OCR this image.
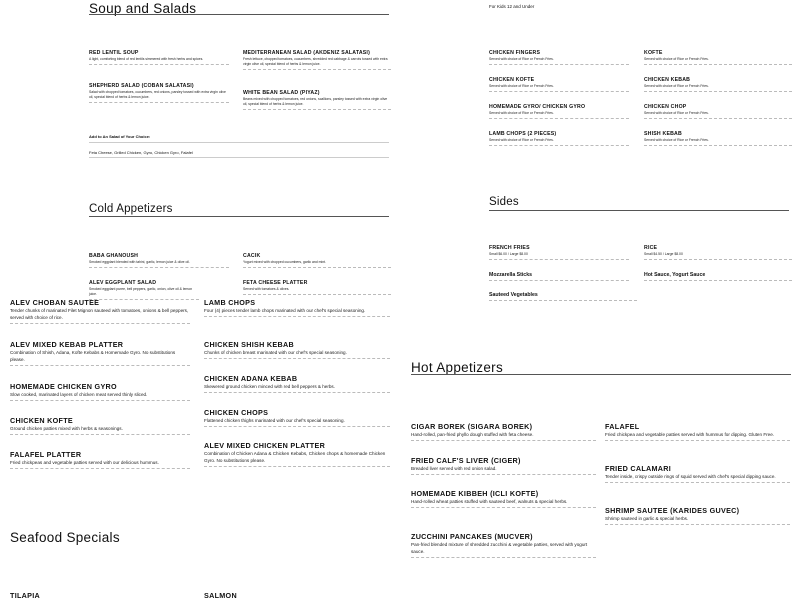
Soup and Salads	For Kids 12 and Under
RED LENTIL SOUP
A light, comforting blend of red lentils simmered with fresh herbs and spices.
MEDITERRANEAN SALAD (AKDENIZ SALATASI)
Fresh lettuce, chopped tomatoes, cucumbers, shredded red cabbage & carrots tossed with extra virgin olive oil, special blend of herbs & lemon juice.
SHEPHERD SALAD (COBAN SALATASI)
Salad with chopped tomatoes, cucumbers, red onions, parsley tossed with extra virgin olive oil, special blend of herbs & lemon juice.
WHITE BEAN SALAD (PIYAZ)
Beans mixed with chopped tomatoes, red onions, scallions, parsley tossed with extra virgin olive oil, special blend of herbs & lemon juice.
Add to An Salad of Your Choice:
Feta Cheese, Grilled Chicken, Gyro, Chicken Gyro, Falafel
CHICKEN FINGERS
Served with choice of Rice or French Fries.
KOFTE
Served with choice of Rice or French Fries.
CHICKEN KOFTE
Served with choice of Rice or French Fries.
CHICKEN KEBAB
Served with choice of Rice or French Fries.
HOMEMADE GYRO/ CHICKEN GYRO
Served with choice of Rice or French Fries.
CHICKEN CHOP
Served with choice of Rice or French Fries.
LAMB CHOPS (2 PIECES)
Served with choice of Rice or French Fries.
SHISH KEBAB
Served with choice of Rice or French Fries.
Cold Appetizers
BABA GHANOUSH
Smoked eggplant blended with tahini, garlic, lemon juice & olive oil.
CACIK
Yogurt mixed with chopped cucumbers, garlic and mint.
ALEV EGGPLANT SALAD
Smoked eggplant puree, bell peppers, garlic, onion, olive oil & lemon juice.
FETA CHEESE PLATTER
Served with tomatoes & olives.
Sides
FRENCH FRIES
Small $6.00 / Large $8.00
RICE
Small $4.50 / Large $8.00
Mozzarella Sticks	Hot Sauce, Yogurt Sauce
Sauteed Vegetables
ALEV CHOBAN SAUTEE
Tender chunks of marinated Filet Mignon sauteed with tomatoes, onions & bell peppers, served with choice of rice.
LAMB CHOPS
Four (4) pieces tender lamb chops marinated with our chef's special seasoning.
ALEV MIXED KEBAB PLATTER
Combination of Shish, Adana, Kofte Kebabs & Homemade Gyro. No substitutions please.
CHICKEN SHISH KEBAB
Chunks of chicken breast marinated with our chef's special seasoning.
HOMEMADE CHICKEN GYRO
Slow cooked, marinated layers of chicken meat served thinly sliced.
CHICKEN ADANA KEBAB
Skewered ground chicken minced with red bell peppers & herbs.
CHICKEN KOFTE
Ground chicken patties mixed with herbs & seasonings.
CHICKEN CHOPS
Flattened chicken thighs marinated with our chef's special seasoning.
FALAFEL PLATTER
Fried chickpeas and vegetable patties served with our delicious hummus.
ALEV MIXED CHICKEN PLATTER
Combination of Chicken Adana & Chicken Kebabs, Chicken chops & homemade Chicken Gyro. No substitutions please.
Hot Appetizers
CIGAR BOREK (SIGARA BOREK)
Hand-rolled, pan-fried phyllo dough stuffed with feta cheese.
FALAFEL
Fried chickpea and vegetable patties served with hummus for dipping. Gluten Free.
FRIED CALF'S LIVER (CIGER)
Breaded liver served with red onion salad.	FRIED CALAMARI
Tender inside, crispy outside rings of squid served with chef's special dipping sauce.
HOMEMADE KIBBEH (ICLI KOFTE)
Hand-rolled wheat patties stuffed with sauteed beef, walnuts & special herbs.
SHRIMP SAUTEE (KARIDES GUVEC)
Shrimp sauteed in garlic & special herbs.
ZUCCHINI PANCAKES (MUCVER)
Pan-fried blended mixture of shredded zucchini & vegetable patties, served with yogurt sauce.
Seafood Specials
TILAPIA	SALMON
